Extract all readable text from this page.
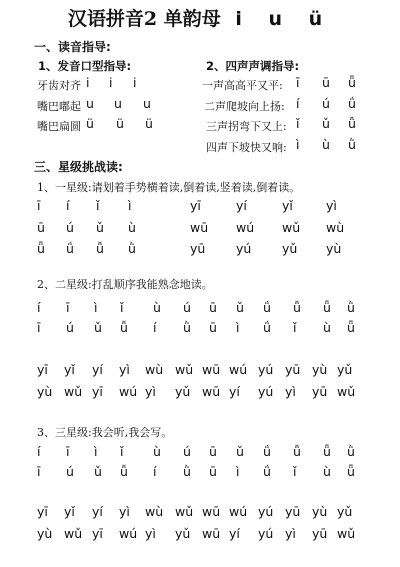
汉语拼音2 单韵母 i u ü
一、读音指导:
1、发音口型指导:	2、四声声调指导:
牙齿对齐 i i i
嘴巴嘟起 u u u
嘴巴扁圆 ü ü ü
一声高高平又平: ī ū ǖ
二声爬坡向上扬: í ú ǘ
三声拐弯下又上: ǐ ǔ ǚ
四声下坡快又响: ì ù ǜ
三、星级挑战读:
1、一星级:请划着手势横着读,倒着读,竖着读,倒着读。
ī í ǐ ì	yī	yí	yǐ	yì
ū ú ǔ ù	wū wú wǔ wù
ǖ ǘ ǚ ǜ	yū yú yǔ yù
2、二星级:打乱顺序我能熟念地读。
í ī ì ǐ ù ú ū ǔ ǘ ǚ ǖ ǜ
ī ú ǔ ǚ í ǜ ū ì ǘ ǐ ù ǖ
yī yǐ yí yì wù wǔ wū wú yú yū yù yǔ
yù wǔ yī wú yì yǔ wū yí yú yì yū wǔ
3、三星级:我会听,我会写。
í ī ì ǐ ù ú ū ǔ ǘ ǚ ǖ ǜ
ī ú ǔ ǚ í ǜ ū ì ǘ ǐ ù ǖ
yī yǐ yí yì wù wǔ wū wú yú yū yù yǔ
yù wǔ yī wú yì yǔ wū yí yú yì yū wǔ
